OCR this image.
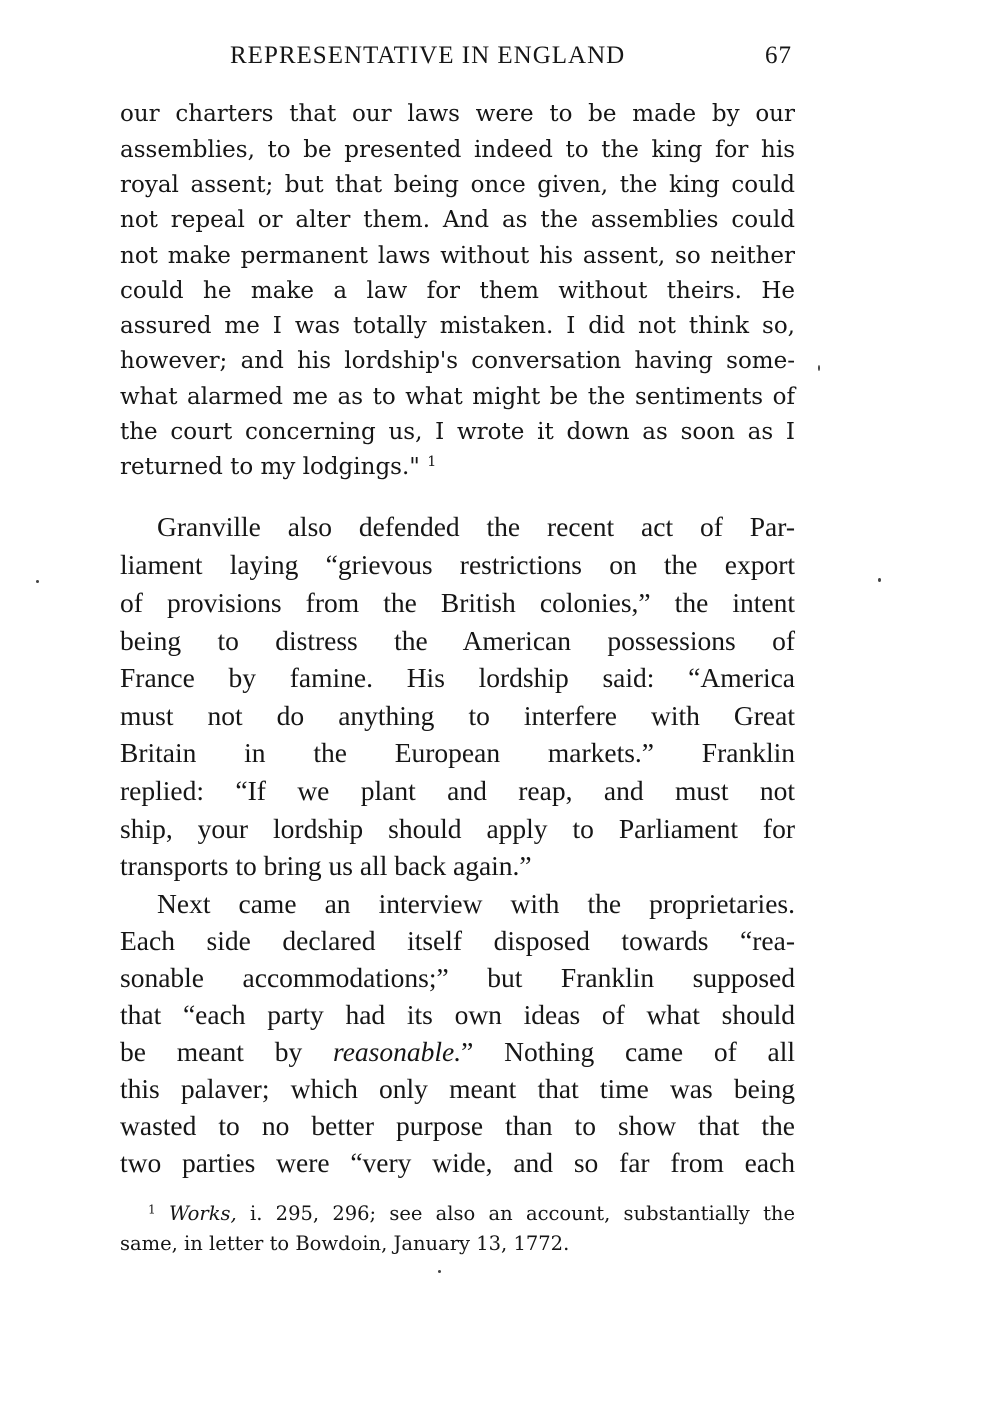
REPRESENTATIVE IN ENGLAND	67
our charters that our laws were to be made by our
assemblies, to be presented indeed to the king for his
royal assent; but that being once given, the king could
not repeal or alter them. And as the assemblies could
not make permanent laws without his assent, so neither
could he make a law for them without theirs. He
assured me I was totally mistaken. I did not think so,
however; and his lordship's conversation having some-
what alarmed me as to what might be the sentiments of
the court concerning us, I wrote it down as soon as I
returned to my lodgings." $^1$
Granville also defended the recent act of Par-
liament laying “grievous restrictions on the export
of provisions from the British colonies,” the intent
being to distress the American possessions of
France by famine. His lordship said: “America
must not do anything to interfere with Great
Britain in the European markets.” Franklin
replied: “If we plant and reap, and must not
ship, your lordship should apply to Parliament for
transports to bring us all back again.”
Next came an interview with the proprietaries.
Each side declared itself disposed towards “rea-
sonable accommodations;” but Franklin supposed
that “each party had its own ideas of what should
be meant by reasonable.” Nothing came of all
this palaver; which only meant that time was being
wasted to no better purpose than to show that the
two parties were “very wide, and so far from each
$^1$ Works, i. 295, 296; see also an account, substantially the
same, in letter to Bowdoin, January 13, 1772.
